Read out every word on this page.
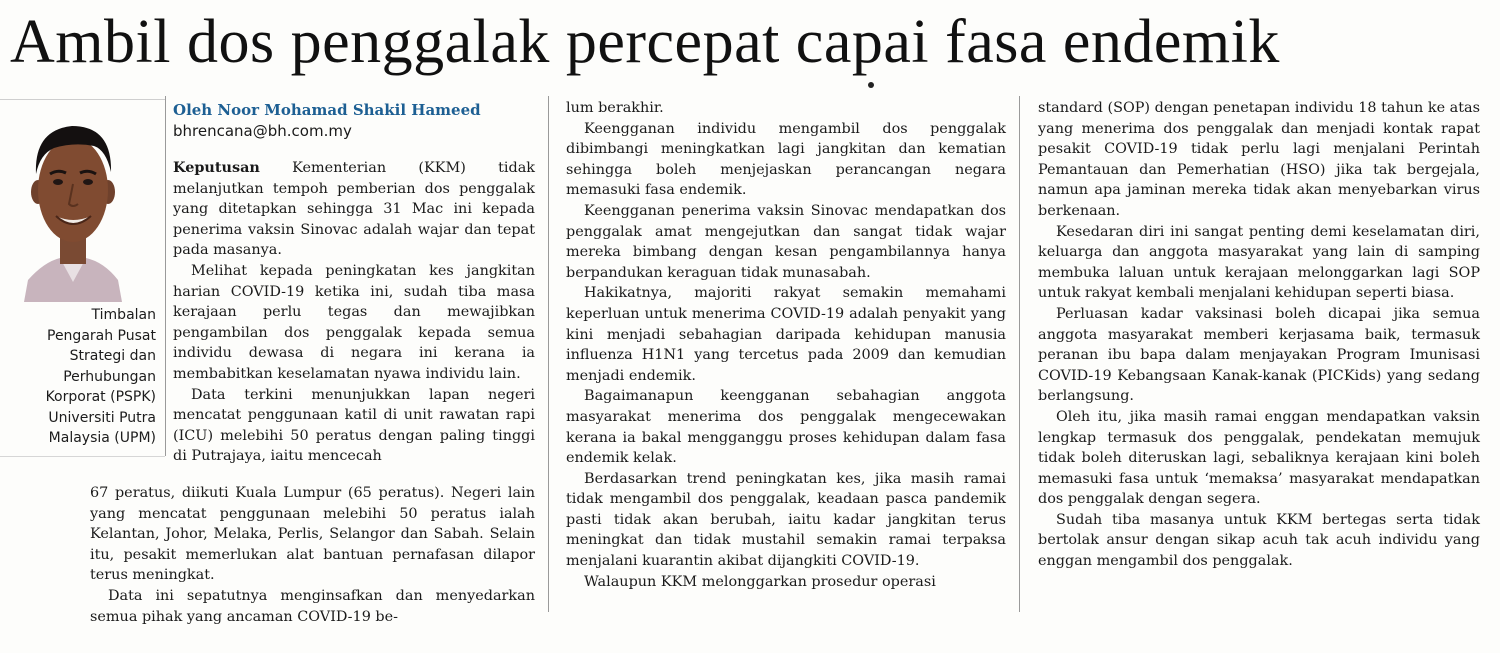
Ambil dos penggalak percepat capai fasa endemik
Timbalan
Pengarah Pusat
Strategi dan
Perhubungan
Korporat (PSPK)
Universiti Putra
Malaysia (UPM)
Oleh Noor Mohamad Shakil Hameed
bhrencana@bh.com.my

Keputusan Kementerian (KKM) tidak melanjutkan tempoh pemberian dos penggalak yang ditetapkan sehingga 31 Mac ini kepada penerima vaksin Sinovac adalah wajar dan tepat pada masanya.

Melihat kepada peningkatan kes jangkitan harian COVID-19 ketika ini, sudah tiba masa kerajaan perlu tegas dan mewajibkan pengambilan dos penggalak kepada semua individu dewasa di negara ini kerana ia membabitkan keselamatan nyawa individu lain.

Data terkini menunjukkan lapan negeri mencatat penggunaan katil di unit rawatan rapi (ICU) melebihi 50 peratus dengan paling tinggi di Putrajaya, iaitu mencecah

67 peratus, diikuti Kuala Lumpur (65 peratus). Negeri lain yang mencatat penggunaan melebihi 50 peratus ialah Kelantan, Johor, Melaka, Perlis, Selangor dan Sabah. Selain itu, pesakit memerlukan alat bantuan pernafasan dilapor terus meningkat.

Data ini sepatutnya menginsafkan dan menyedarkan semua pihak yang ancaman COVID-19 be-

lum berakhir.

Keengganan individu mengambil dos penggalak dibimbangi meningkatkan lagi jangkitan dan kematian sehingga boleh menjejaskan perancangan negara memasuki fasa endemik.

Keengganan penerima vaksin Sinovac mendapatkan dos penggalak amat mengejutkan dan sangat tidak wajar mereka bimbang dengan kesan pengambilannya hanya berpandukan keraguan tidak munasabah.

Hakikatnya, majoriti rakyat semakin memahami keperluan untuk menerima COVID-19 adalah penyakit yang kini menjadi sebahagian daripada kehidupan manusia influenza H1N1 yang tercetus pada 2009 dan kemudian menjadi endemik.

Bagaimanapun keengganan sebahagian anggota masyarakat menerima dos penggalak mengecewakan kerana ia bakal mengganggu proses kehidupan dalam fasa endemik kelak.

Berdasarkan trend peningkatan kes, jika masih ramai tidak mengambil dos penggalak, keadaan pasca pandemik pasti tidak akan berubah, iaitu kadar jangkitan terus meningkat dan tidak mustahil semakin ramai terpaksa menjalani kuarantin akibat dijangkiti COVID-19.

Walaupun KKM melonggarkan prosedur operasi

standard (SOP) dengan penetapan individu 18 tahun ke atas yang menerima dos penggalak dan menjadi kontak rapat pesakit COVID-19 tidak perlu lagi menjalani Perintah Pemantauan dan Pemerhatian (HSO) jika tak bergejala, namun apa jaminan mereka tidak akan menyebarkan virus berkenaan.

Kesedaran diri ini sangat penting demi keselamatan diri, keluarga dan anggota masyarakat yang lain di samping membuka laluan untuk kerajaan melonggarkan lagi SOP untuk rakyat kembali menjalani kehidupan seperti biasa.

Perluasan kadar vaksinasi boleh dicapai jika semua anggota masyarakat memberi kerjasama baik, termasuk peranan ibu bapa dalam menjayakan Program Imunisasi COVID-19 Kebangsaan Kanak-kanak (PICKids) yang sedang berlangsung.

Oleh itu, jika masih ramai enggan mendapatkan vaksin lengkap termasuk dos penggalak, pendekatan memujuk tidak boleh diteruskan lagi, sebaliknya kerajaan kini boleh memasuki fasa untuk ‘memaksa’ masyarakat mendapatkan dos penggalak dengan segera.

Sudah tiba masanya untuk KKM bertegas serta tidak bertolak ansur dengan sikap acuh tak acuh individu yang enggan mengambil dos penggalak.
